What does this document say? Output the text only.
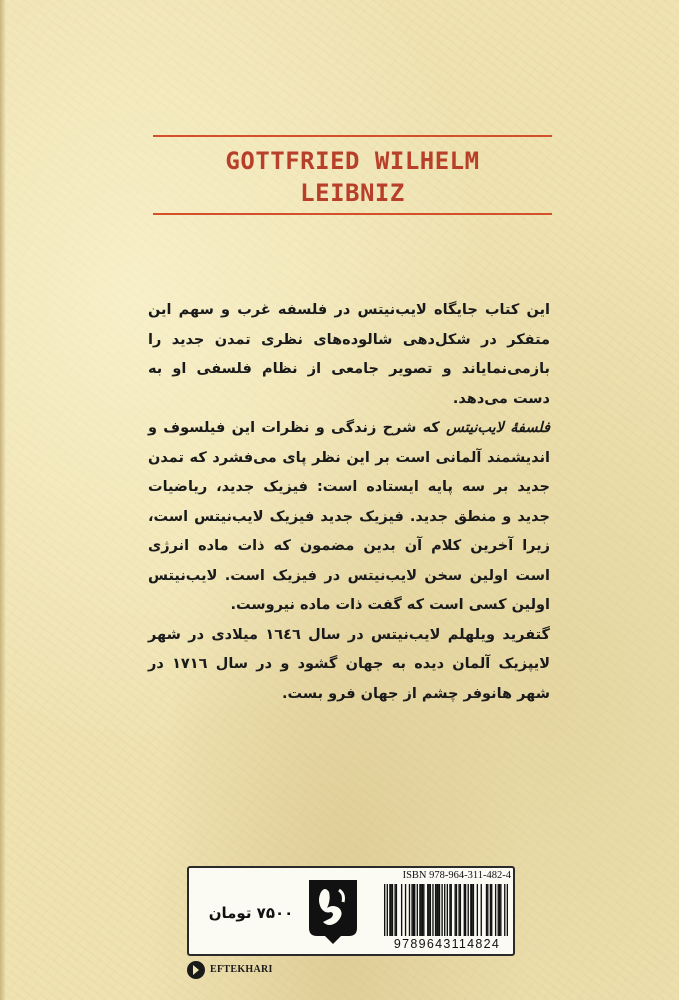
GOTTFRIED WILHELM
LEIBNIZ

این کتاب جایگاه لایب‌نیتس در فلسفه غرب و سهم این متفکر در شکل‌دهی شالوده‌های نظری تمدن جدید را بازمی‌نمایاند و تصویر جامعی از نظام فلسفی او به دست می‌دهد.

فلسفهٔ لایب‌نیتس که شرح زندگی و نظرات این فیلسوف و اندیشمند آلمانی است بر این نظر پای می‌فشرد که تمدن جدید بر سه پایه ایستاده است: فیزیک جدید، ریاضیات جدید و منطق جدید. فیزیک جدید فیزیک لایب‌نیتس است، زیرا آخرین کلام آن بدین مضمون که ذات ماده انرژی است اولین سخن لایب‌نیتس در فیزیک است. لایب‌نیتس اولین کسی است که گفت ذات ماده نیروست.

گتفرید ویلهلم لایب‌نیتس در سال ۱٦٤٦ میلادی در شهر لایپزیک آلمان دیده به جهان گشود و در سال ۱۷۱٦ در شهر هانوفر چشم از جهان فرو بست.

ISBN 978-964-311-482-4
9789643114824
۷۵۰۰ تومان
EFTEKHARI
